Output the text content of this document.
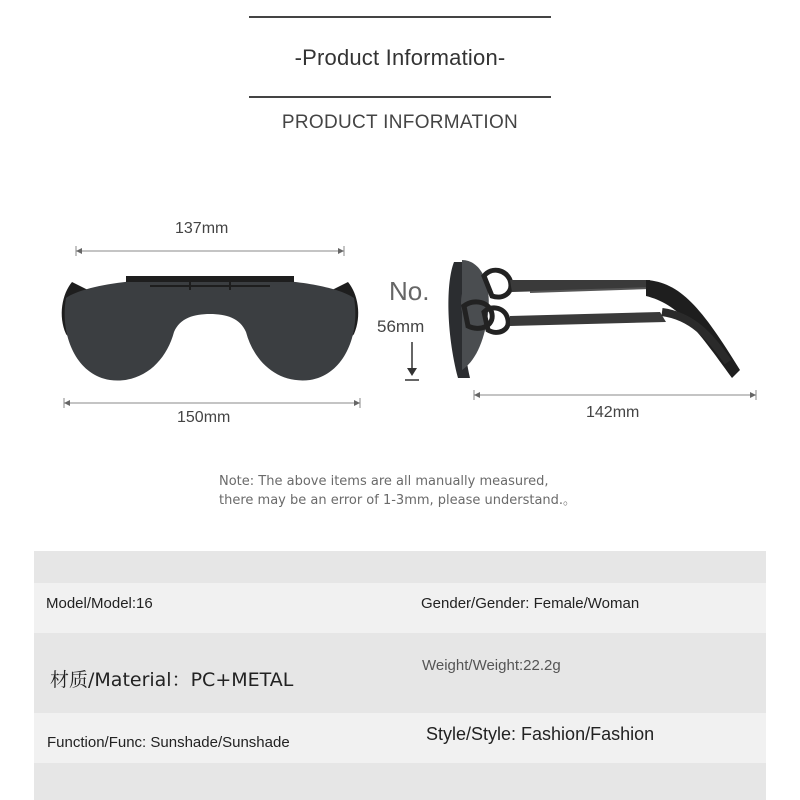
-Product Information-
PRODUCT INFORMATION
137mm
150mm
No.
56mm
142mm
Note: The above items are all manually measured,
there may be an error of 1-3mm, please understand.。
Model/Model:16	Gender/Gender: Female/Woman
材质/Material：PC+METAL
Weight/Weight:22.2g
Function/Func: Sunshade/Sunshade	Style/Style: Fashion/Fashion
